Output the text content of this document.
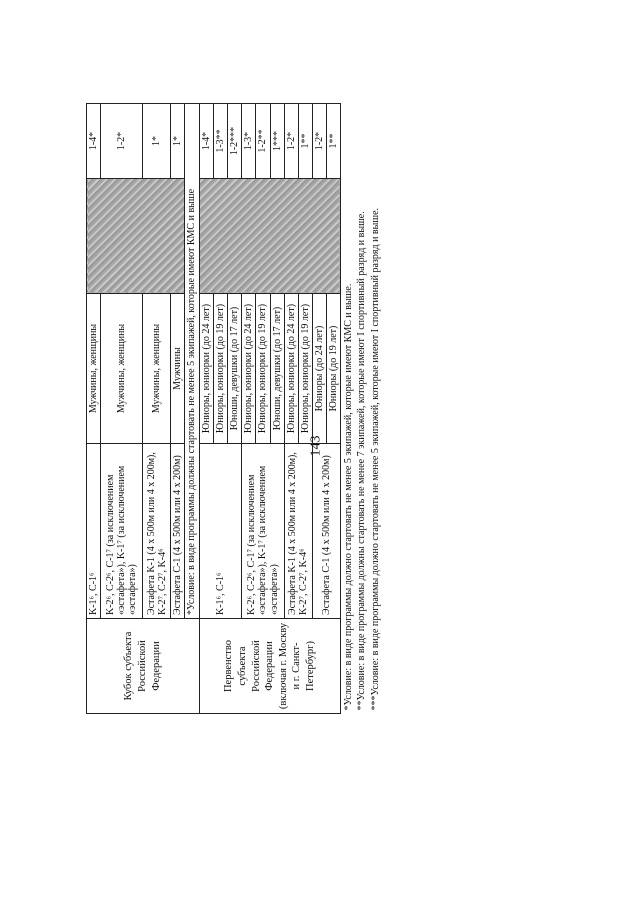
143
Кубок субъекта Российской Федерации	K-1⁶, C-1⁶	Мужчины, женщины		1-4*
	K-2⁶, C-2⁶, C-1⁷ (за исключением «эстафета»), K-1⁷ (за исключением «эстафета»)	Мужчины, женщины		1-2*
	Эстафета K-1 (4 x 500м или 4 x 200м), K-2⁷, C-2⁷, K-4⁶	Мужчины, женщины		1*
	Эстафета C-1 (4 x 500м или 4 x 200м)	Мужчины		1*
	*Условие: в виде программы должны стартовать не менее 5 экипажей, которые имеют КМС и выше			
Первенство субъекта Российской Федерации (включая г. Москву и г. Санкт-Петербург)	K-1⁶, C-1⁶	Юниоры, юниорки (до 24 лет)		1-4*
		Юниоры, юниорки (до 19 лет)		1-3**
		Юноши, девушки (до 17 лет)		1-2***
	K-2⁶, C-2⁶, C-1⁷ (за исключением «эстафета»), K-1⁷ (за исключением «эстафета»)	Юниоры, юниорки (до 24 лет)		1-3*
		Юниоры, юниорки (до 19 лет)		1-2**
		Юноши, девушки (до 17 лет)		1***
	Эстафета K-1 (4 x 500м или 4 x 200м), K-2⁷, C-2⁷, K-4⁶	Юниоры, юниорки (до 24 лет)		1-2*
		Юниоры, юниорки (до 19 лет)		1**
	Эстафета C-1 (4 x 500м или 4 x 200м)	Юниоры (до 24 лет)		1-2*
		Юниоры (до 19 лет)		1**
*Условие: в виде программы должно стартовать не менее 5 экипажей, которые имеют КМС и выше.				
**Условие: в виде программы должны стартовать не менее 7 экипажей, которые имеют I спортивный разряд и выше.				
***Условие: в виде программы должно стартовать не менее 5 экипажей, которые имеют I спортивный разряд и выше.				
